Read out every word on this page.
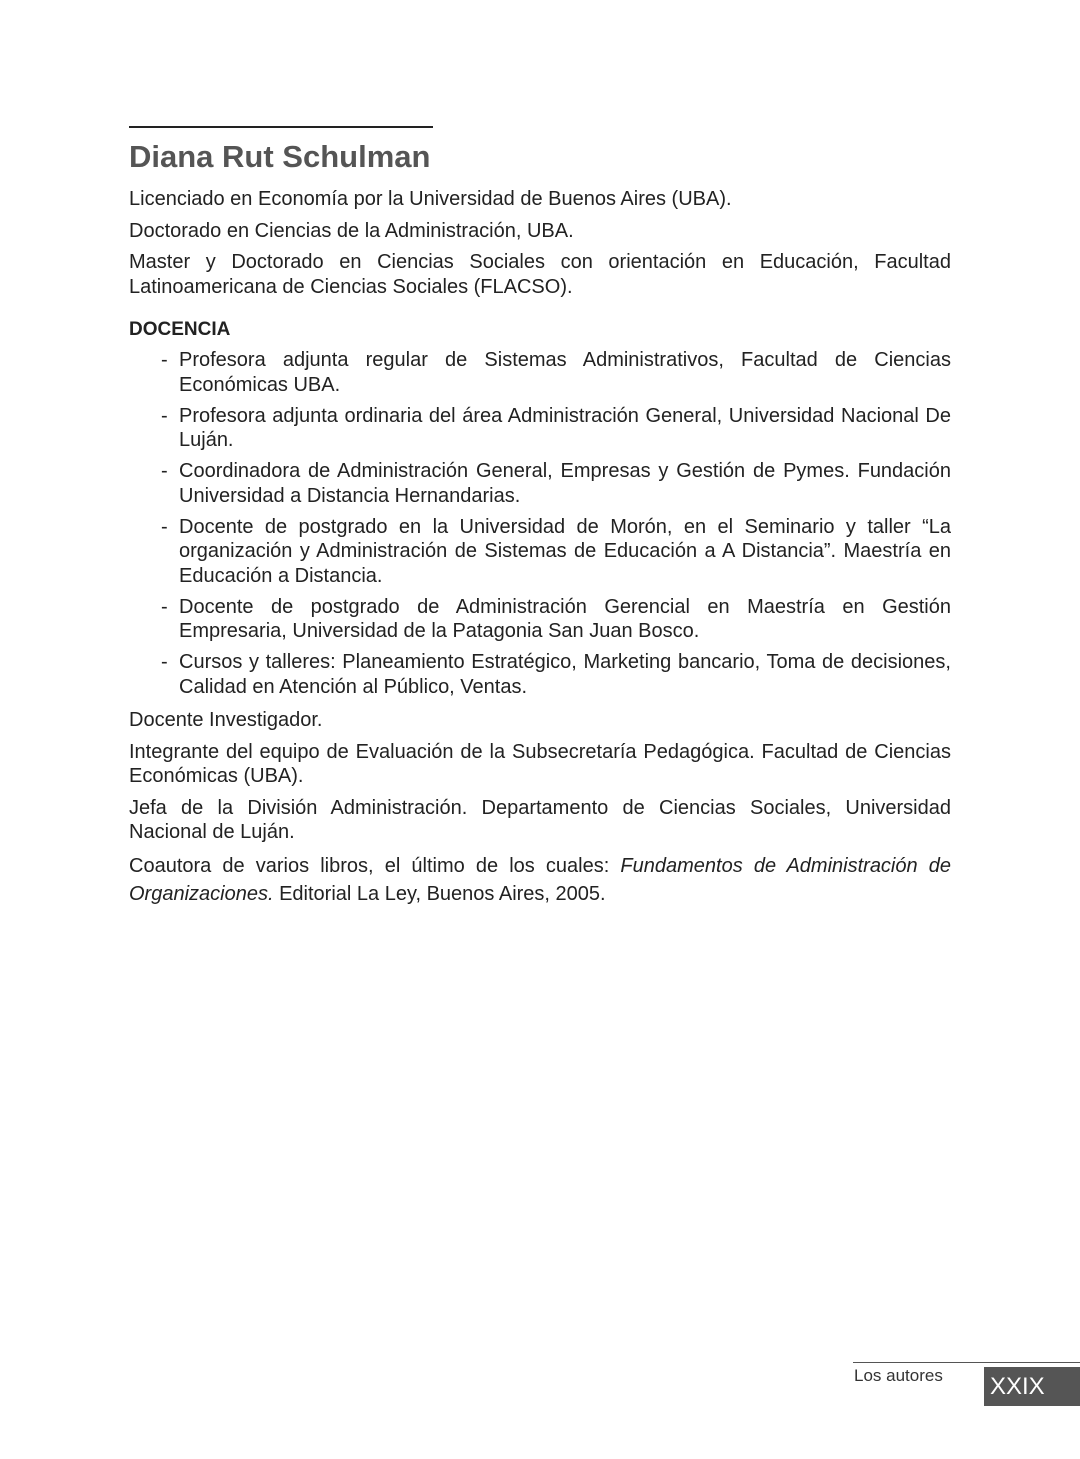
Diana Rut Schulman

Licenciado en Economía por la Universidad de Buenos Aires (UBA).

Doctorado en Ciencias de la Administración, UBA.

Master y Doctorado en Ciencias Sociales con orientación en Educación, Facultad Latinoamericana de Ciencias Sociales (FLACSO).

DOCENCIA
- Profesora adjunta regular de Sistemas Administrativos, Facultad de Ciencias Económicas UBA.
- Profesora adjunta ordinaria del área Administración General, Universidad Nacional De Luján.
- Coordinadora de Administración General, Empresas y Gestión de Pymes. Fundación Universidad a Distancia Hernandarias.
- Docente de postgrado en la Universidad de Morón, en el Seminario y taller “La organización y Administración de Sistemas de Educación a A Distancia”. Maestría en Educación a Distancia.
- Docente de postgrado de Administración Gerencial en Maestría en Gestión Empresaria, Universidad de la Patagonia San Juan Bosco.
- Cursos y talleres: Planeamiento Estratégico, Marketing bancario, Toma de decisiones, Calidad en Atención al Público, Ventas.

Docente Investigador.

Integrante del equipo de Evaluación de la Subsecretaría Pedagógica. Facultad de Ciencias Económicas (UBA).

Jefa de la División Administración. Departamento de Ciencias Sociales, Universidad Nacional de Luján.

Coautora de varios libros, el último de los cuales: Fundamentos de Administración de Organizaciones. Editorial La Ley, Buenos Aires, 2005.

Los autores XXIX
